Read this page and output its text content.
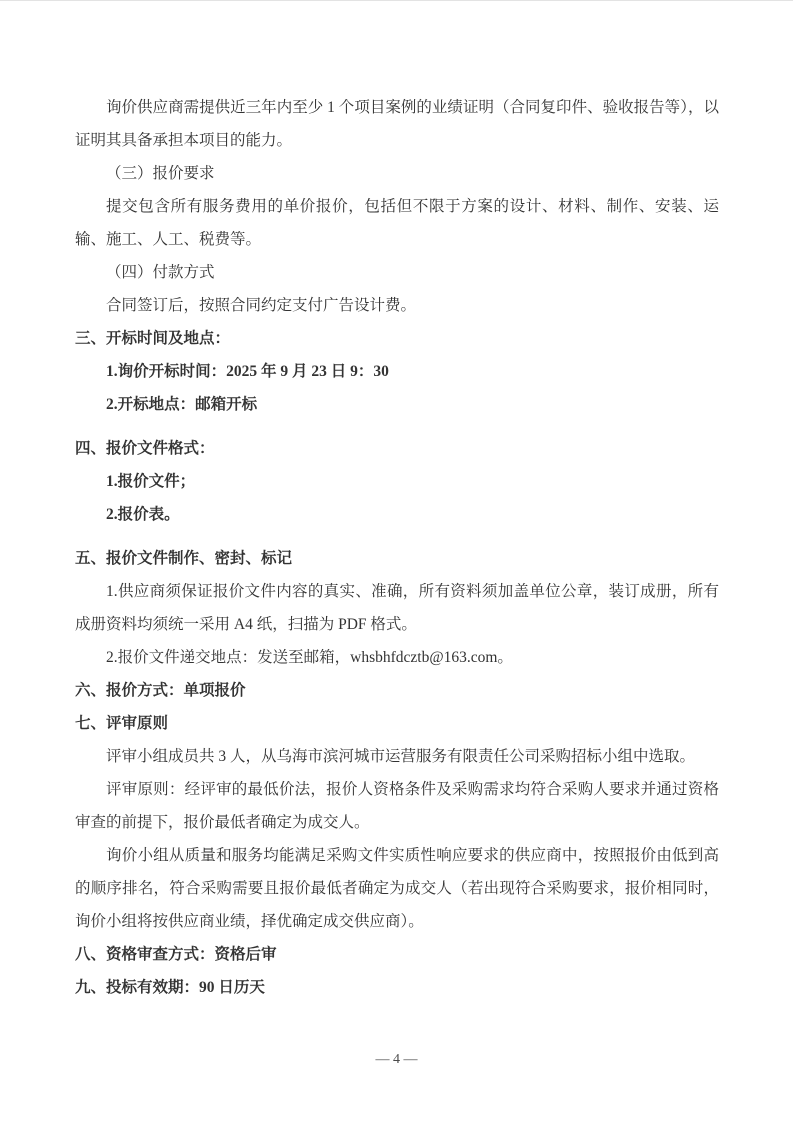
询价供应商需提供近三年内至少 1 个项目案例的业绩证明（合同复印件、验收报告等），以证明其具备承担本项目的能力。

（三）报价要求

提交包含所有服务费用的单价报价，包括但不限于方案的设计、材料、制作、安装、运输、施工、人工、税费等。

（四）付款方式

合同签订后，按照合同约定支付广告设计费。

三、开标时间及地点：

1.询价开标时间：2025 年 9 月 23 日 9：30

2.开标地点：邮箱开标

四、报价文件格式：

1.报价文件；

2.报价表。

五、报价文件制作、密封、标记

1.供应商须保证报价文件内容的真实、准确，所有资料须加盖单位公章，装订成册，所有成册资料均须统一采用 A4 纸，扫描为 PDF 格式。

2.报价文件递交地点：发送至邮箱，whsbhfdcztb@163.com。

六、报价方式：单项报价

七、评审原则

评审小组成员共 3 人，从乌海市滨河城市运营服务有限责任公司采购招标小组中选取。

评审原则：经评审的最低价法，报价人资格条件及采购需求均符合采购人要求并通过资格审查的前提下，报价最低者确定为成交人。

询价小组从质量和服务均能满足采购文件实质性响应要求的供应商中，按照报价由低到高的顺序排名，符合采购需要且报价最低者确定为成交人（若出现符合采购要求，报价相同时，询价小组将按供应商业绩，择优确定成交供应商）。

八、资格审查方式：资格后审

九、投标有效期：90 日历天

— 4 —
